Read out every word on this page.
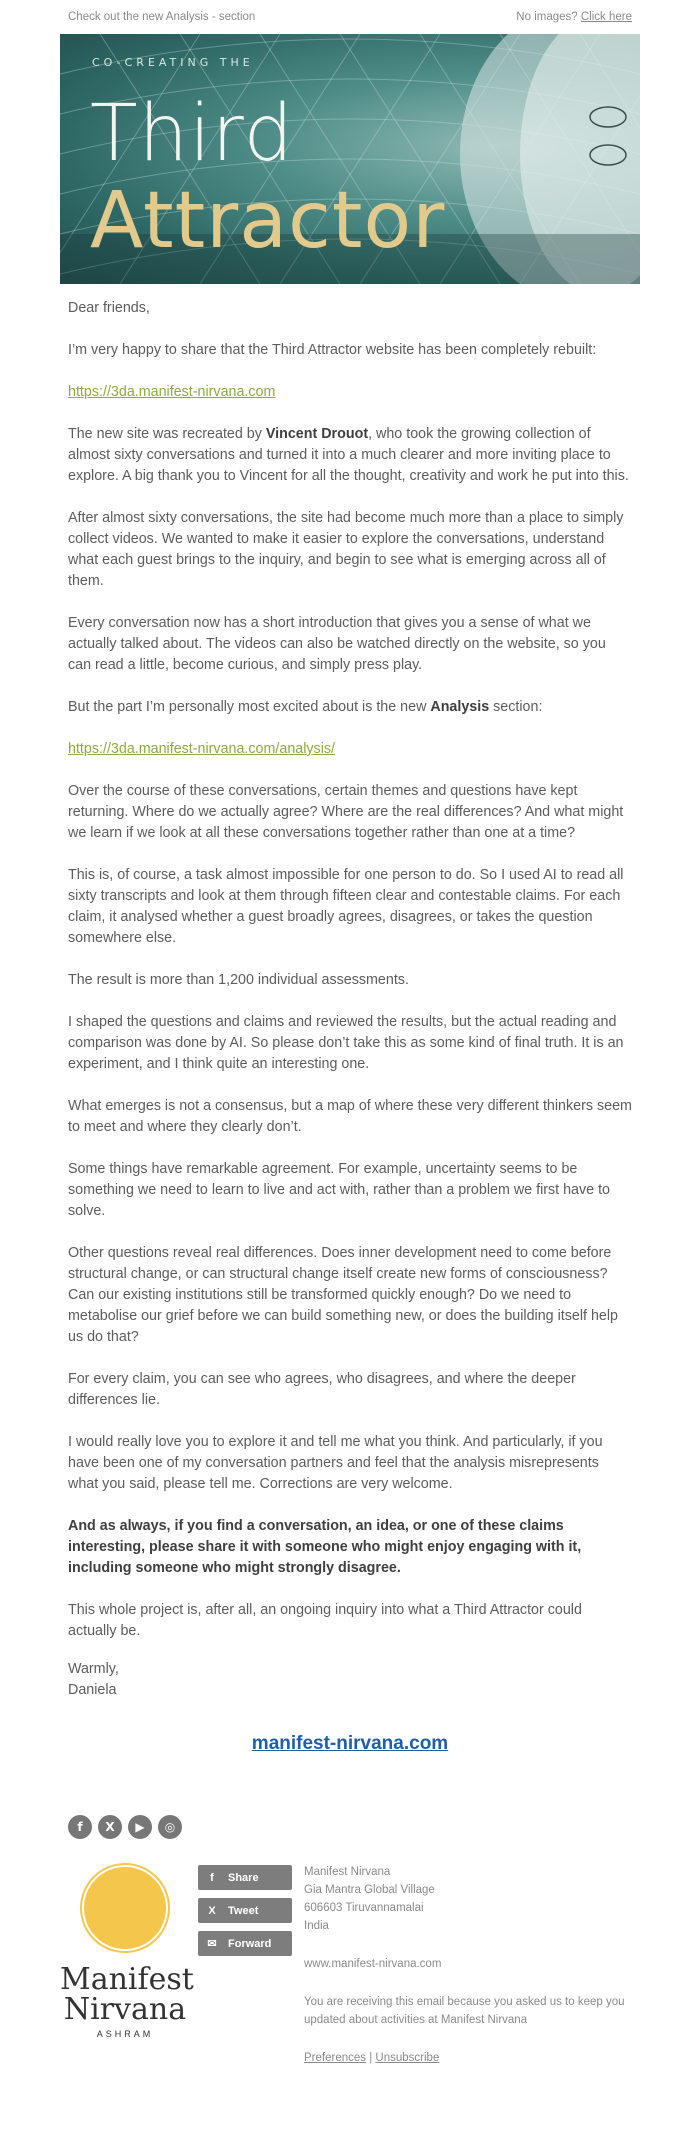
Check out the new Analysis - section	No images? Click here
CO-CREATING THE
Third
Attractor

Dear friends,

I’m very happy to share that the Third Attractor website has been completely rebuilt:

https://3da.manifest-nirvana.com

The new site was recreated by Vincent Drouot, who took the growing collection of almost sixty conversations and turned it into a much clearer and more inviting place to explore. A big thank you to Vincent for all the thought, creativity and work he put into this.

After almost sixty conversations, the site had become much more than a place to simply collect videos. We wanted to make it easier to explore the conversations, understand what each guest brings to the inquiry, and begin to see what is emerging across all of them.

Every conversation now has a short introduction that gives you a sense of what we actually talked about. The videos can also be watched directly on the website, so you can read a little, become curious, and simply press play.

But the part I’m personally most excited about is the new Analysis section:

https://3da.manifest-nirvana.com/analysis/

Over the course of these conversations, certain themes and questions have kept returning. Where do we actually agree? Where are the real differences? And what might we learn if we look at all these conversations together rather than one at a time?

This is, of course, a task almost impossible for one person to do. So I used AI to read all sixty transcripts and look at them through fifteen clear and contestable claims. For each claim, it analysed whether a guest broadly agrees, disagrees, or takes the question somewhere else.

The result is more than 1,200 individual assessments.

I shaped the questions and claims and reviewed the results, but the actual reading and comparison was done by AI. So please don’t take this as some kind of final truth. It is an experiment, and I think quite an interesting one.

What emerges is not a consensus, but a map of where these very different thinkers seem to meet and where they clearly don’t.

Some things have remarkable agreement. For example, uncertainty seems to be something we need to learn to live and act with, rather than a problem we first have to solve.

Other questions reveal real differences. Does inner development need to come before structural change, or can structural change itself create new forms of consciousness? Can our existing institutions still be transformed quickly enough? Do we need to metabolise our grief before we can build something new, or does the building itself help us do that?

For every claim, you can see who agrees, who disagrees, and where the deeper differences lie.

I would really love you to explore it and tell me what you think. And particularly, if you have been one of my conversation partners and feel that the analysis misrepresents what you said, please tell me. Corrections are very welcome.

And as always, if you find a conversation, an idea, or one of these claims interesting, please share it with someone who might enjoy engaging with it, including someone who might strongly disagree.

This whole project is, after all, an ongoing inquiry into what a Third Attractor could actually be.

Warmly,
Daniela
manifest-nirvana.com
f	X	▶	◎
Manifest
Nirvana
ASHRAM
f	Share
X Tweet
✉ Forward
Manifest Nirvana
Gia Mantra Global Village
606603 Tiruvannamalai
India
www.manifest-nirvana.com
You are receiving this email because you asked us to keep you updated about activities at Manifest Nirvana
Preferences | Unsubscribe
